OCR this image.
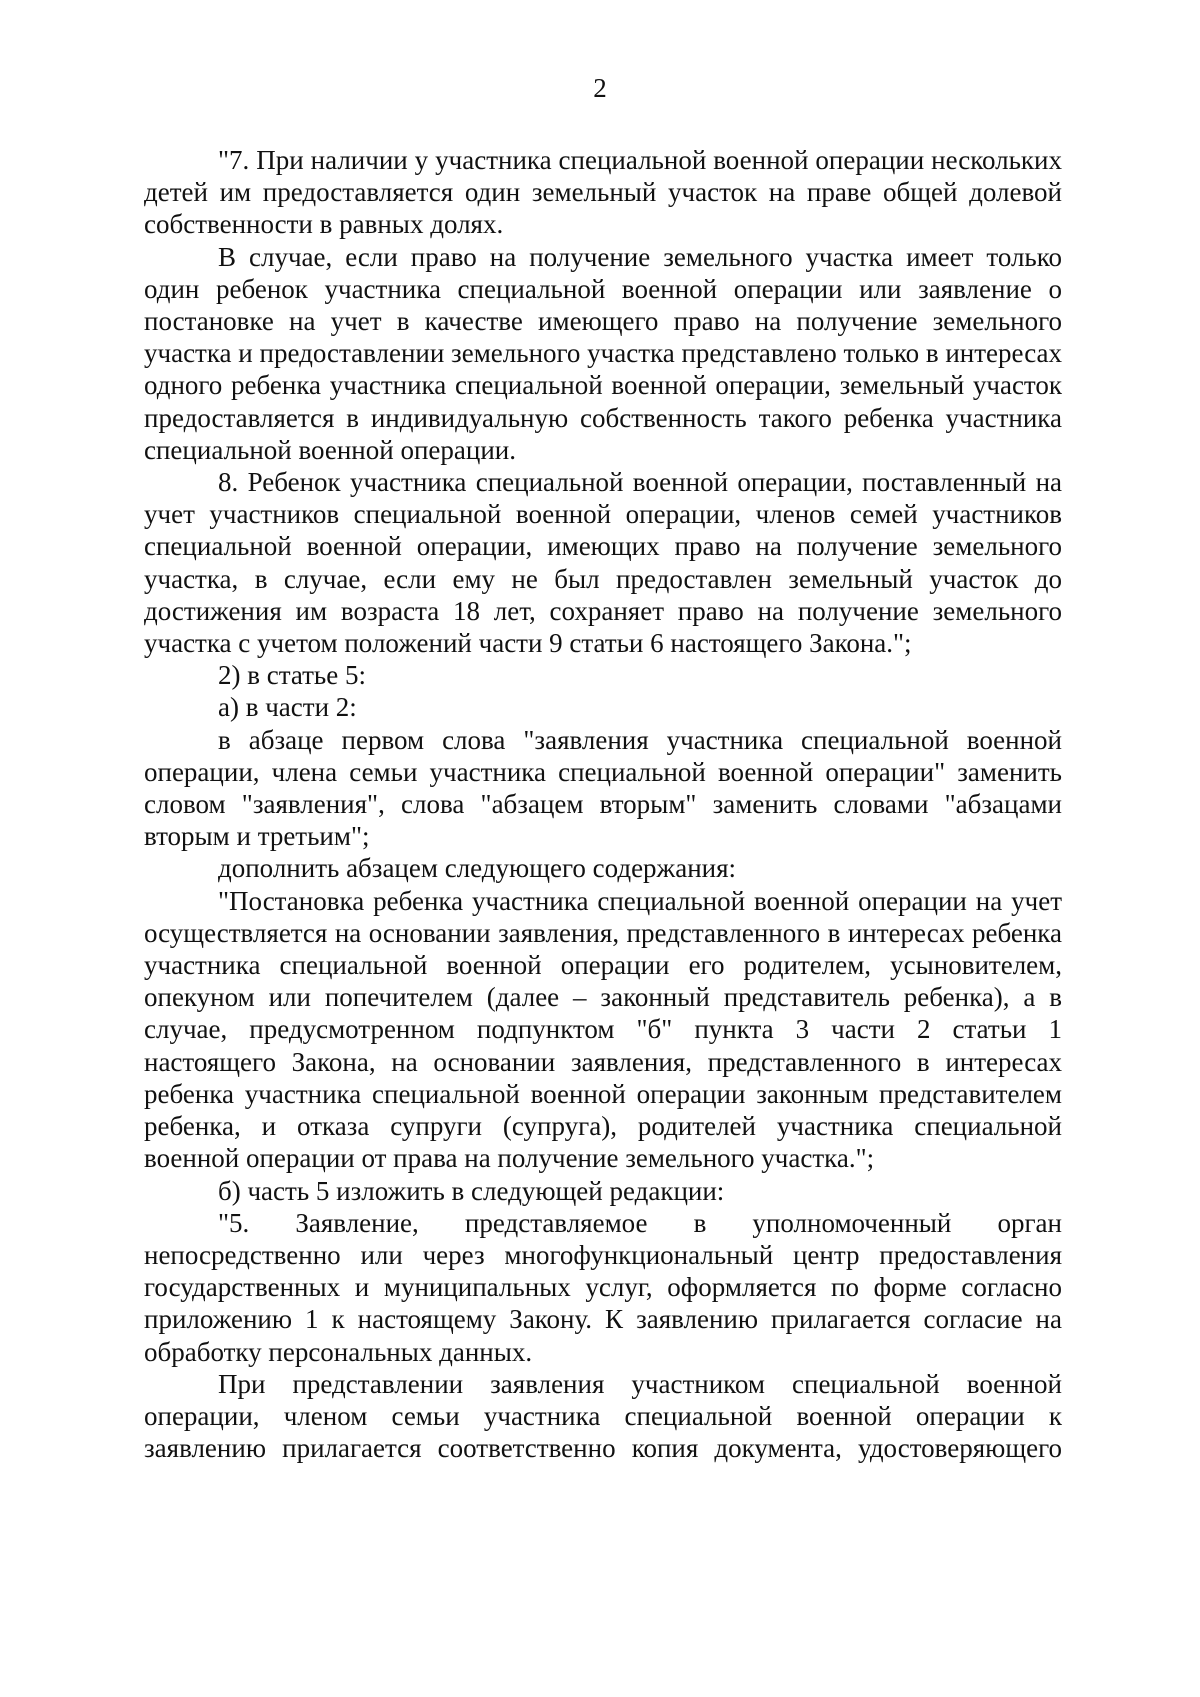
2

"7. При наличии у участника специальной военной операции нескольких детей им предоставляется один земельный участок на праве общей долевой собственности в равных долях.

В случае, если право на получение земельного участка имеет только один ребенок участника специальной военной операции или заявление о постановке на учет в качестве имеющего право на получение земельного участка и предоставлении земельного участка представлено только в интересах одного ребенка участника специальной военной операции, земельный участок предоставляется в индивидуальную собственность такого ребенка участника специальной военной операции.

8. Ребенок участника специальной военной операции, поставленный на учет участников специальной военной операции, членов семей участников специальной военной операции, имеющих право на получение земельного участка, в случае, если ему не был предоставлен земельный участок до достижения им возраста 18 лет, сохраняет право на получение земельного участка с учетом положений части 9 статьи 6 настоящего Закона.";

2) в статье 5:

а) в части 2:

в абзаце первом слова "заявления участника специальной военной операции, члена семьи участника специальной военной операции" заменить словом "заявления", слова "абзацем вторым" заменить словами "абзацами вторым и третьим";

дополнить абзацем следующего содержания:

"Постановка ребенка участника специальной военной операции на учет осуществляется на основании заявления, представленного в интересах ребенка участника специальной военной операции его родителем, усыновителем, опекуном или попечителем (далее – законный представитель ребенка), а в случае, предусмотренном подпунктом "б" пункта 3 части 2 статьи 1 настоящего Закона, на основании заявления, представленного в интересах ребенка участника специальной военной операции законным представителем ребенка, и отказа супруги (супруга), родителей участника специальной военной операции от права на получение земельного участка.";

б) часть 5 изложить в следующей редакции:

"5. Заявление, представляемое в уполномоченный орган непосредственно или через многофункциональный центр предоставления государственных и муниципальных услуг, оформляется по форме согласно приложению 1 к настоящему Закону. К заявлению прилагается согласие на обработку персональных данных.

При представлении заявления участником специальной военной операции, членом семьи участника специальной военной операции к заявлению прилагается соответственно копия документа, удостоверяющего
